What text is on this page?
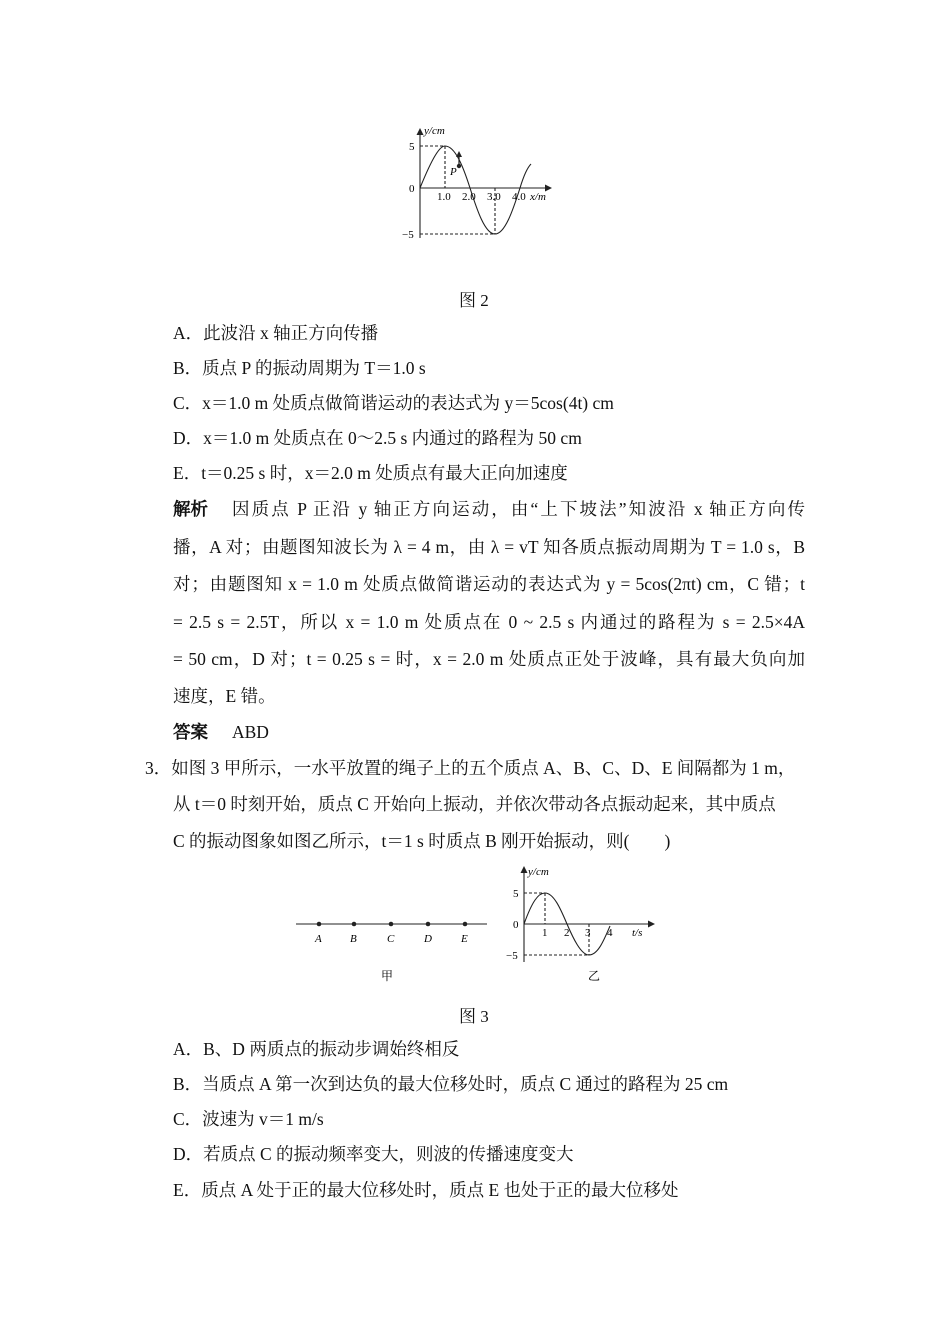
y/cm
5
0
−5
1.0 2.0 3.0 4.0 x/m
P
图 2
A．此波沿 x 轴正方向传播
B．质点 P 的振动周期为 T＝1.0 s
C．x＝1.0 m 处质点做简谐运动的表达式为 y＝5cos(4t) cm
D．x＝1.0 m 处质点在 0～2.5 s 内通过的路程为 50 cm
E．t＝0.25 s 时，x＝2.0 m 处质点有最大正向加速度
解析 因质点 P 正沿 y 轴正方向运动，由“上下坡法”知波沿 x 轴正方向传
播，A 对；由题图知波长为 λ = 4 m，由 λ = vT 知各质点振动周期为 T = 1.0 s，B
对；由题图知 x = 1.0 m 处质点做简谐运动的表达式为 y = 5cos(2πt) cm，C 错；t
= 2.5 s = 2.5T，所以 x = 1.0 m 处质点在 0 ~ 2.5 s 内通过的路程为 s = 2.5×4A
= 50 cm，D 对；t = 0.25 s = 时，x = 2.0 m 处质点正处于波峰，具有最大负向加
速度，E 错。
答案 ABD
3．如图 3 甲所示，一水平放置的绳子上的五个质点 A、B、C、D、E 间隔都为 1 m，
从 t＝0 时刻开始，质点 C 开始向上振动，并依次带动各点振动起来，其中质点
C 的振动图象如图乙所示，t＝1 s 时质点 B 刚开始振动，则(　　)
A	B	C	D	E
甲
y/cm
5
0
−5
1 2 3 4 t/s
乙
图 3
A．B、D 两质点的振动步调始终相反
B．当质点 A 第一次到达负的最大位移处时，质点 C 通过的路程为 25 cm
C．波速为 v＝1 m/s
D．若质点 C 的振动频率变大，则波的传播速度变大
E．质点 A 处于正的最大位移处时，质点 E 也处于正的最大位移处
